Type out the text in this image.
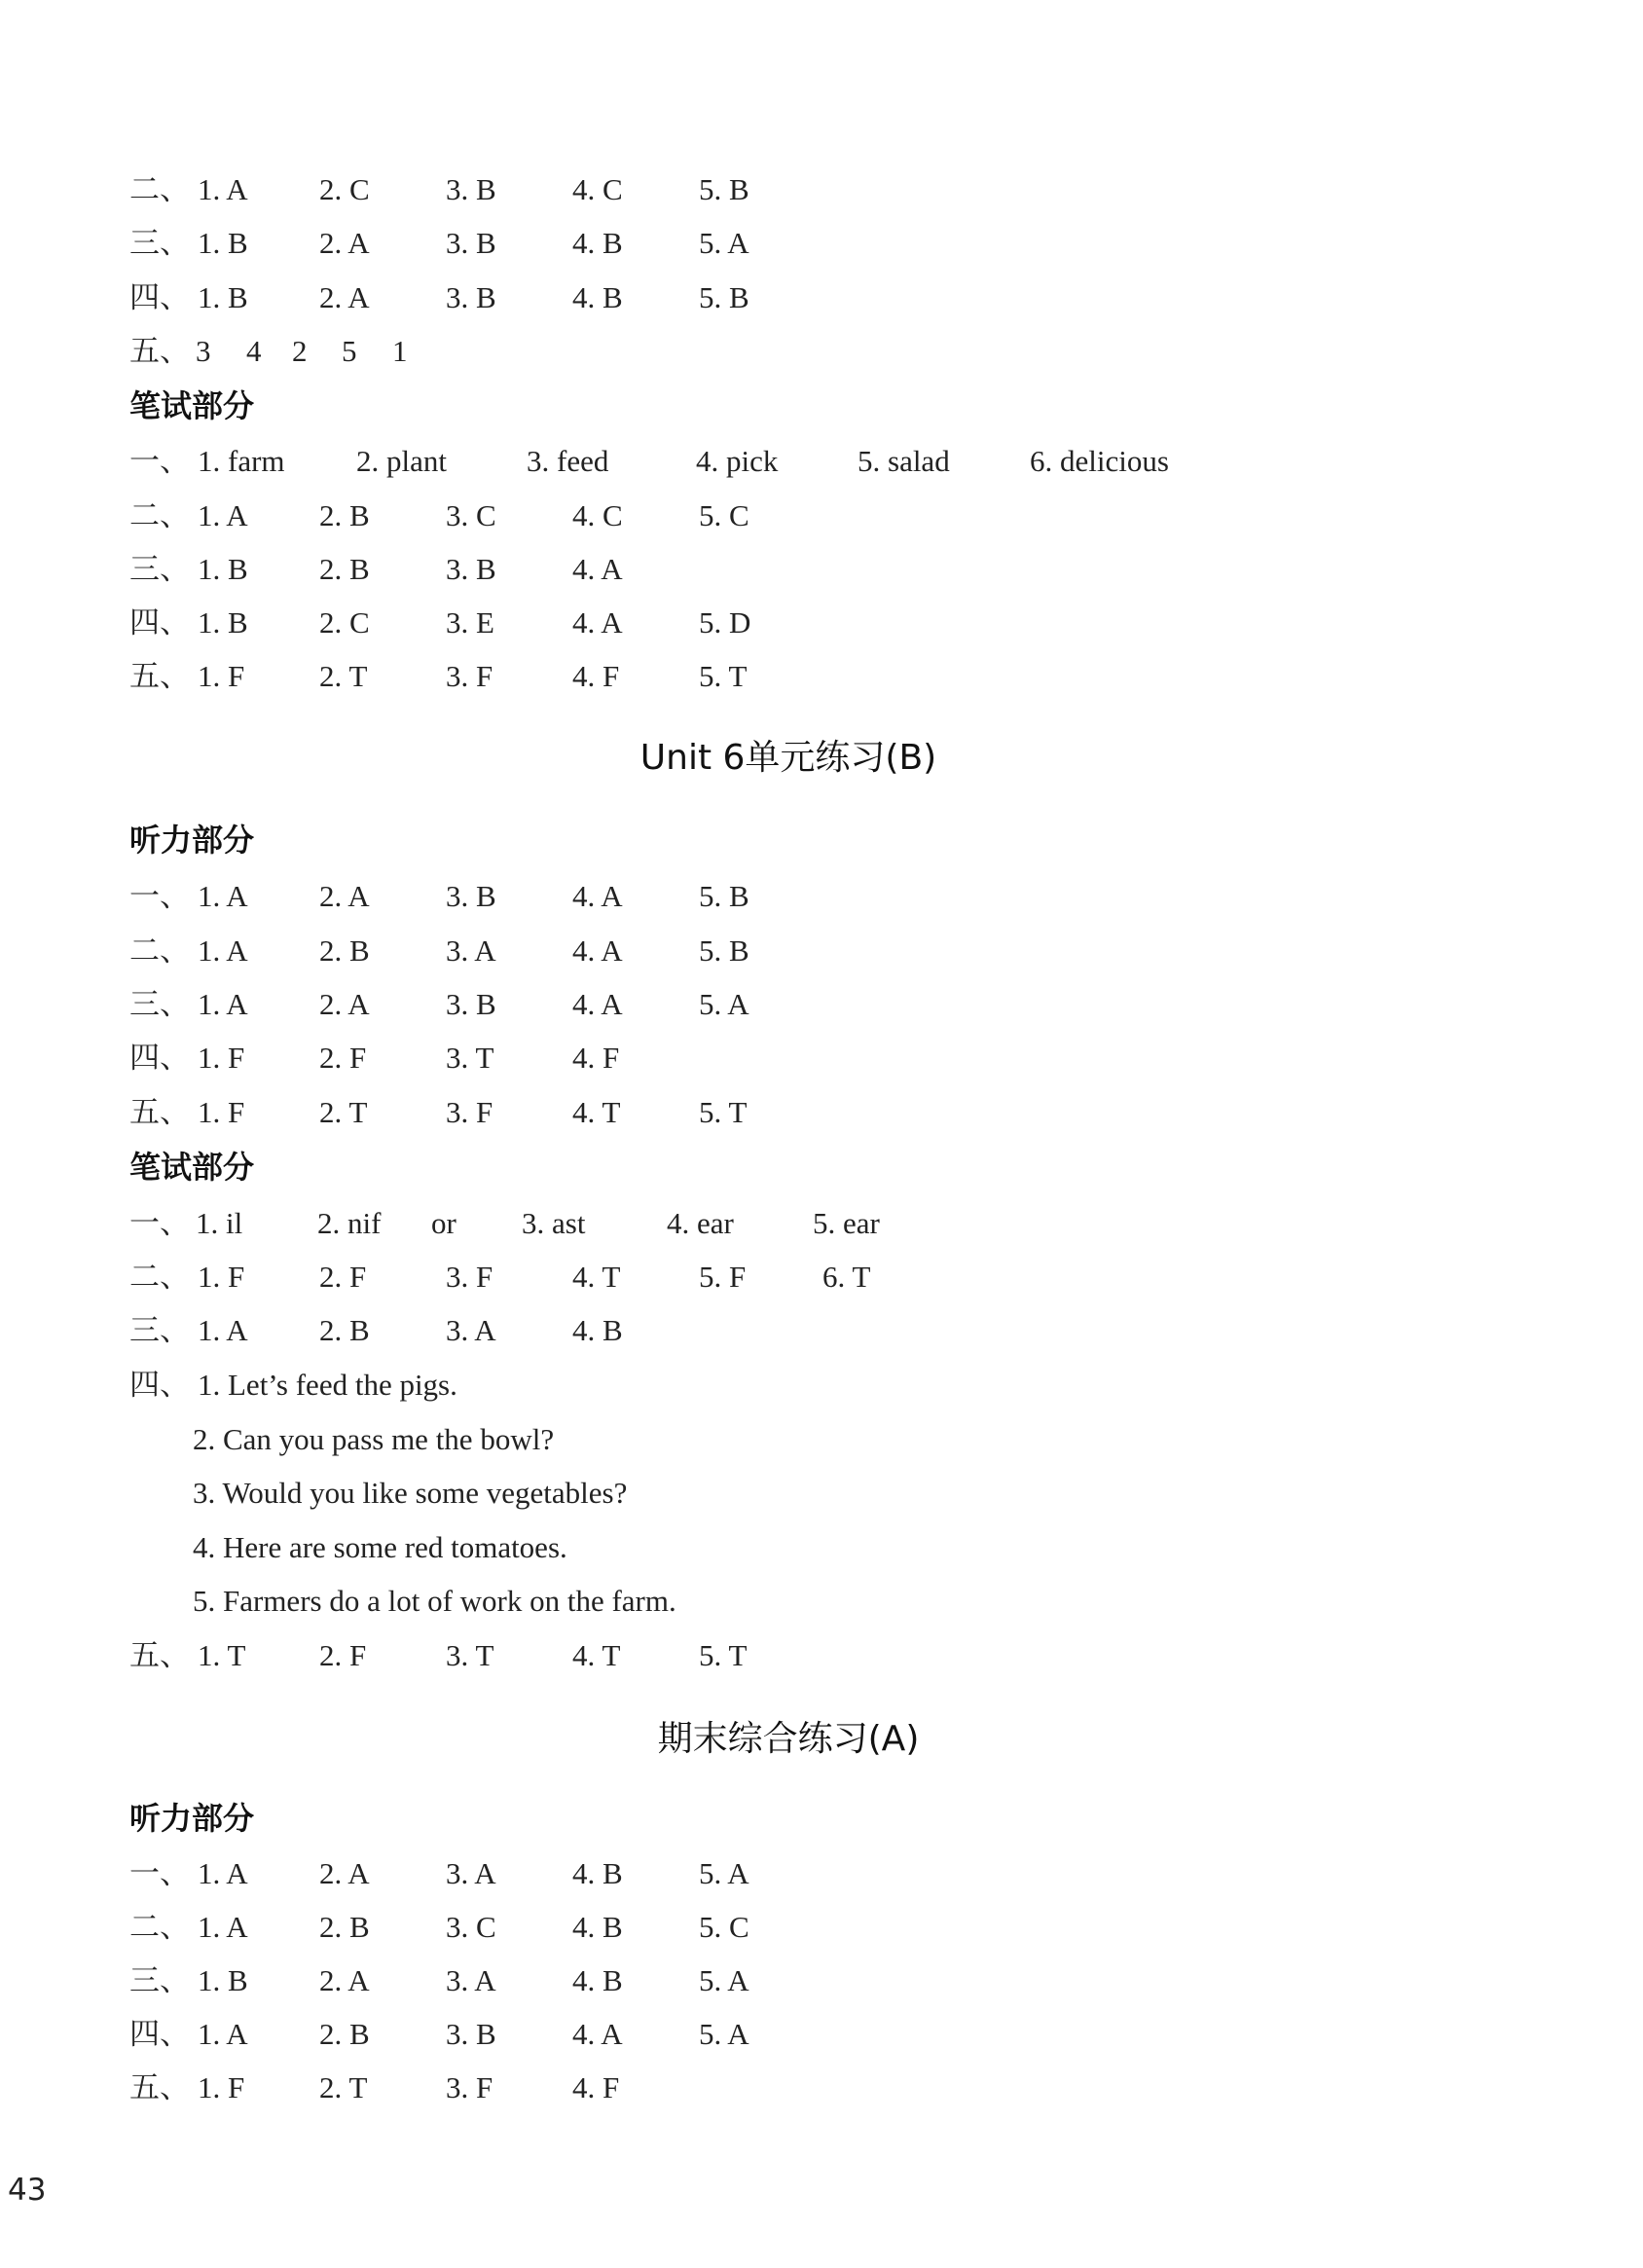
二、 1. A 2. C	3. B	4. C	5. B
三、 1. B 2. A	3. B	4. B	5. A
四、 1. B 2. A	3. B	4. B	5. B
五、 3 4 2 5 1
笔试部分
一、 1. farm 2. plant	3. feed	4. pick	5. salad	6. delicious
二、 1. A 2. B	3. C	4. C	5. C
三、 1. B 2. B	3. B	4. A
四、 1. B 2. C	3. E	4. A	5. D
五、 1. F 2. T	3. F	4. F	5. T
Unit 6单元练习(B)
听力部分
一、 1. A 2. A	3. B	4. A	5. B
二、 1. A 2. B	3. A	4. A	5. B
三、 1. A 2. A	3. B	4. A	5. A
四、 1. F 2. F	3. T	4. F
五、 1. F 2. T	3. F	4. T	5. T
笔试部分
一、 1. il 2. nif or 3. ast	4. ear	5. ear
二、 1. F 2. F	3. F	4. T	5. F	6. T
三、 1. A 2. B	3. A	4. B
四、 1. Let’s feed the pigs.
2. Can you pass me the bowl?
3. Would you like some vegetables?
4. Here are some red tomatoes.
5. Farmers do a lot of work on the farm.
五、 1. T 2. F	3. T	4. T	5. T
期末综合练习(A)
听力部分
一、 1. A 2. A	3. A	4. B	5. A
二、 1. A 2. B	3. C	4. B	5. C
三、 1. B 2. A	3. A	4. B	5. A
四、 1. A 2. B	3. B	4. A	5. A
五、 1. F 2. T	3. F	4. F
43
